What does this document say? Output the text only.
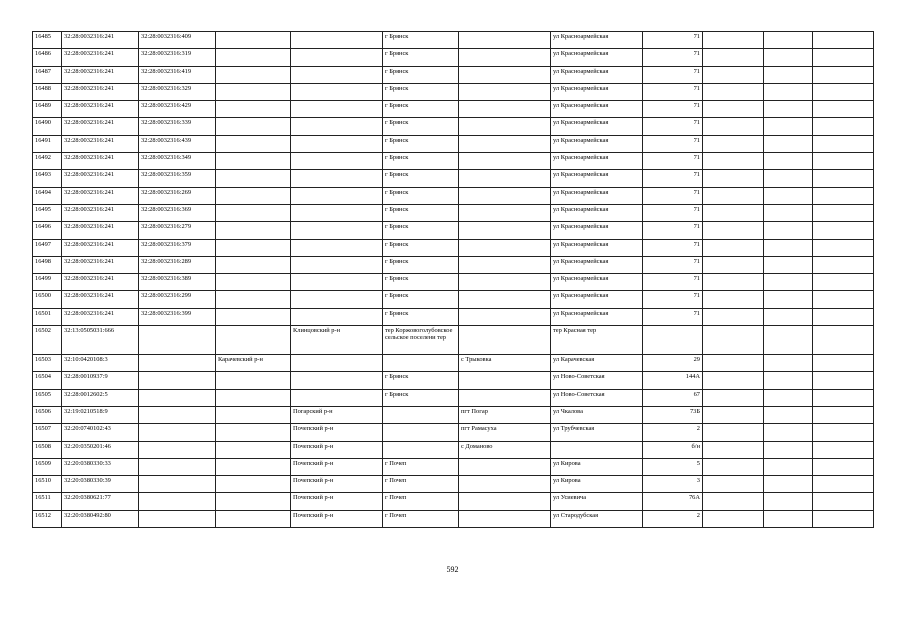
16485	32:28:0032316:241	32:28:0032316:409			г Брянск		ул Красноармейская	71			
16486	32:28:0032316:241	32:28:0032316:319			г Брянск		ул Красноармейская	71			
16487	32:28:0032316:241	32:28:0032316:419			г Брянск		ул Красноармейская	71			
16488	32:28:0032316:241	32:28:0032316:329			г Брянск		ул Красноармейская	71			
16489	32:28:0032316:241	32:28:0032316:429			г Брянск		ул Красноармейская	71			
16490	32:28:0032316:241	32:28:0032316:339			г Брянск		ул Красноармейская	71			
16491	32:28:0032316:241	32:28:0032316:439			г Брянск		ул Красноармейская	71			
16492	32:28:0032316:241	32:28:0032316:349			г Брянск		ул Красноармейская	71			
16493	32:28:0032316:241	32:28:0032316:359			г Брянск		ул Красноармейская	71			
16494	32:28:0032316:241	32:28:0032316:269			г Брянск		ул Красноармейская	71			
16495	32:28:0032316:241	32:28:0032316:369			г Брянск		ул Красноармейская	71			
16496	32:28:0032316:241	32:28:0032316:279			г Брянск		ул Красноармейская	71			
16497	32:28:0032316:241	32:28:0032316:379			г Брянск		ул Красноармейская	71			
16498	32:28:0032316:241	32:28:0032316:289			г Брянск		ул Красноармейская	71			
16499	32:28:0032316:241	32:28:0032316:389			г Брянск		ул Красноармейская	71			
16500	32:28:0032316:241	32:28:0032316:299			г Брянск		ул Красноармейская	71			
16501	32:28:0032316:241	32:28:0032316:399			г Брянск		ул Красноармейская	71			
16502	32:13:0505031:666			Клинцовский р-н	тер Коржовоголубовское сельское поселени тер		тер Красная тер				
16503	32:10:0420108:3		Карачевский р-н			с Трыковка	ул Карачевская	29			
16504	32:28:0010937:9				г Брянск		ул Ново-Советская	144А			
16505	32:28:0012602:5				г Брянск		ул Ново-Советская	67			
16506	32:19:0210518:9			Погарский р-н		пгт Погар	ул Чкалова	73Б			
16507	32:20:0740102:43			Почепский р-н		пгт Рамасуха	ул Трубчевская	2			
16508	32:20:0350201:46			Почепский р-н		с Доманово		б/н			
16509	32:20:0380330:33			Почепский р-н	г Почеп		ул Кирова	5			
16510	32:20:0380330:39			Почепский р-н	г Почеп		ул Кирова	3			
16511	32:20:0380621:77			Почепский р-н	г Почеп		ул Усиевича	76А			
16512	32:20:0380492:80			Почепский р-н	г Почеп		ул Стародубская	2			
592
